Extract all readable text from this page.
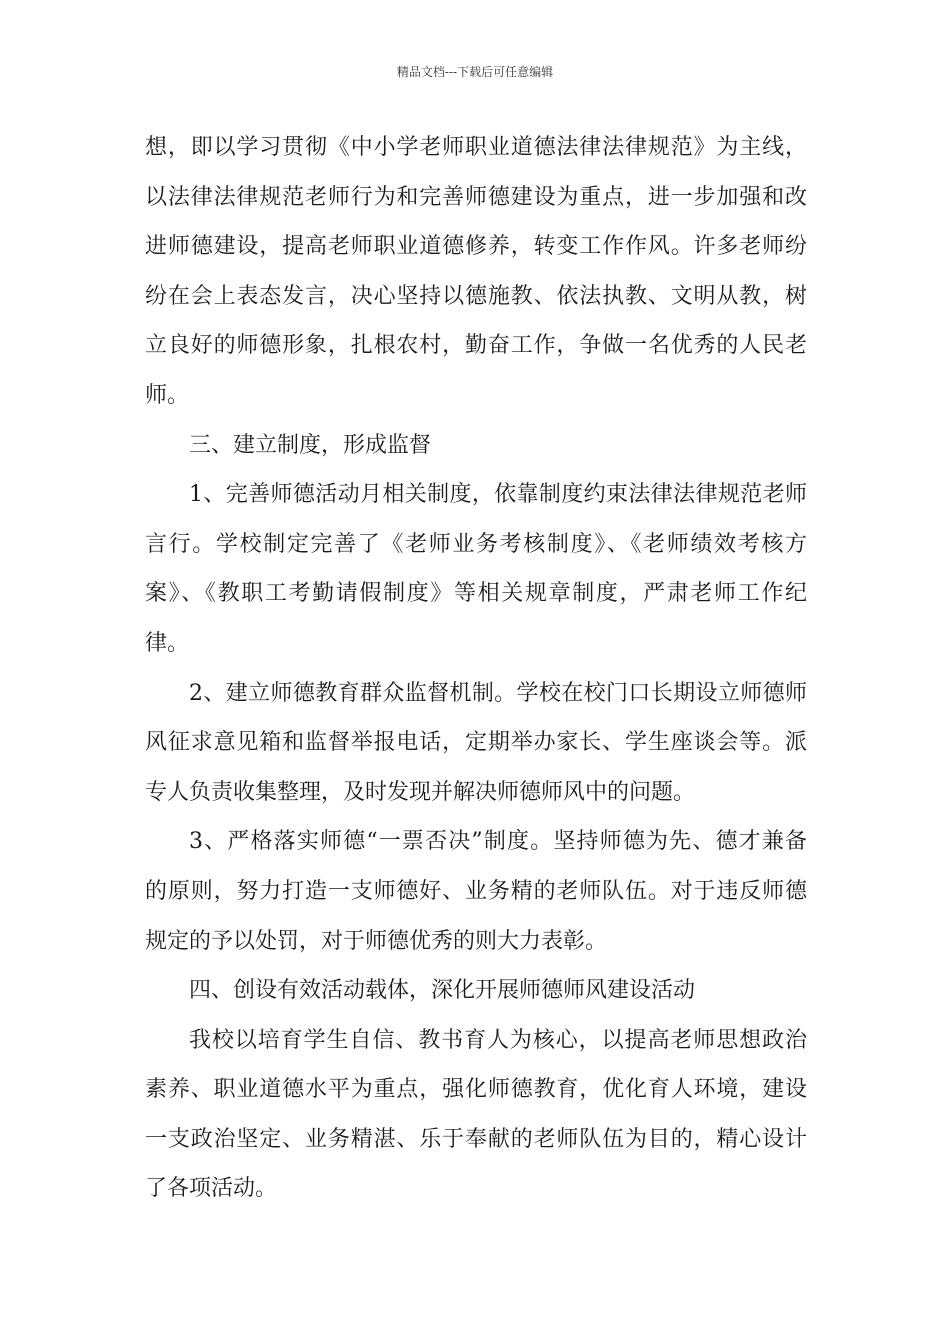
精品文档---下载后可任意编辑
想，即以学习贯彻《中小学老师职业道德法律法律规范》为主线，
以法律法律规范老师行为和完善师德建设为重点，进一步加强和改
进师德建设，提高老师职业道德修养，转变工作作风。许多老师纷
纷在会上表态发言，决心坚持以德施教、依法执教、文明从教，树
立良好的师德形象，扎根农村，勤奋工作，争做一名优秀的人民老
师。
三、建立制度，形成监督
1、完善师德活动月相关制度，依靠制度约束法律法律规范老师
言行。学校制定完善了《老师业务考核制度》、《老师绩效考核方
案》、《教职工考勤请假制度》等相关规章制度，严肃老师工作纪
律。
2、建立师德教育群众监督机制。学校在校门口长期设立师德师
风征求意见箱和监督举报电话，定期举办家长、学生座谈会等。派
专人负责收集整理，及时发现并解决师德师风中的问题。
3、严格落实师德“一票否决”制度。坚持师德为先、德才兼备
的原则，努力打造一支师德好、业务精的老师队伍。对于违反师德
规定的予以处罚，对于师德优秀的则大力表彰。
四、创设有效活动载体，深化开展师德师风建设活动
我校以培育学生自信、教书育人为核心，以提高老师思想政治
素养、职业道德水平为重点，强化师德教育，优化育人环境，建设
一支政治坚定、业务精湛、乐于奉献的老师队伍为目的，精心设计
了各项活动。
